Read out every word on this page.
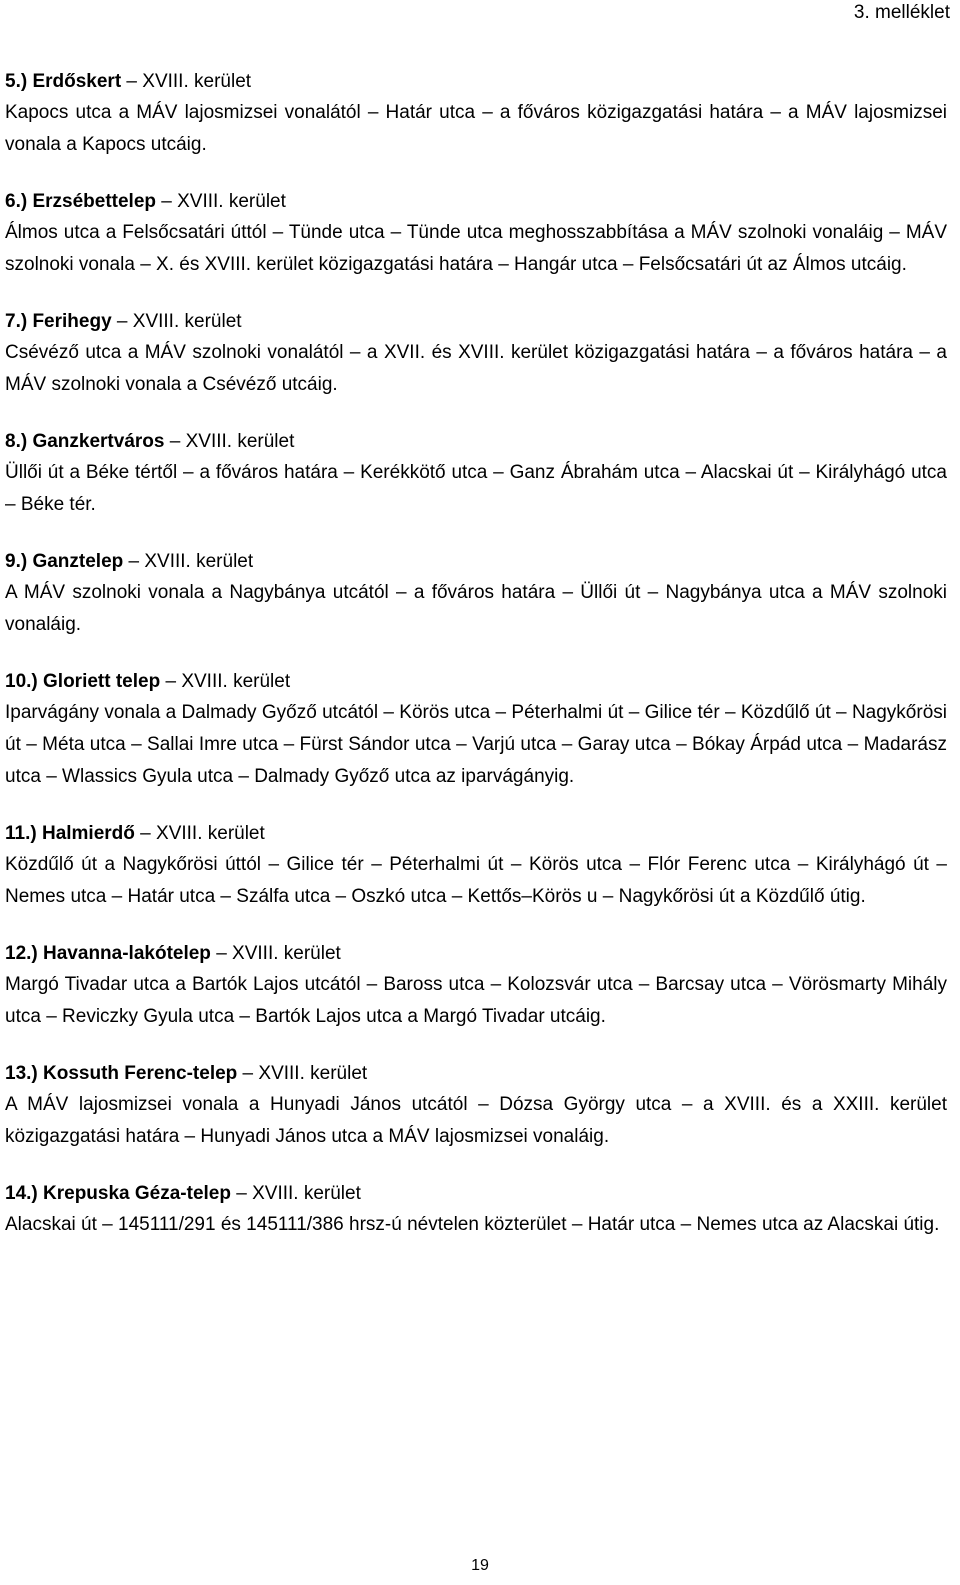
3. melléklet

5.) Erdőskert – XVIII. kerület

Kapocs utca a MÁV lajosmizsei vonalától – Határ utca – a főváros közigazgatási határa – a MÁV lajosmizsei vonala a Kapocs utcáig.

6.) Erzsébettelep – XVIII. kerület

Álmos utca a Felsőcsatári úttól – Tünde utca – Tünde utca meghosszabbítása a MÁV szolnoki vonaláig – MÁV szolnoki vonala – X. és XVIII. kerület közigazgatási határa – Hangár utca – Felsőcsatári út az Álmos utcáig.

7.) Ferihegy – XVIII. kerület

Csévéző utca a MÁV szolnoki vonalától – a XVII. és XVIII. kerület közigazgatási határa – a főváros határa – a MÁV szolnoki vonala a Csévéző utcáig.

8.) Ganzkertváros – XVIII. kerület

Üllői út a Béke tértől – a főváros határa – Kerékkötő utca – Ganz Ábrahám utca – Alacskai út – Királyhágó utca – Béke tér.

9.) Ganztelep – XVIII. kerület

A MÁV szolnoki vonala a Nagybánya utcától – a főváros határa – Üllői út – Nagybánya utca a MÁV szolnoki vonaláig.

10.) Gloriett telep – XVIII. kerület

Iparvágány vonala a Dalmady Győző utcától – Körös utca – Péterhalmi út – Gilice tér – Közdűlő út – Nagykőrösi út – Méta utca – Sallai Imre utca – Fürst Sándor utca – Varjú utca – Garay utca – Bókay Árpád utca – Madarász utca – Wlassics Gyula utca – Dalmady Győző utca az iparvágányig.

11.) Halmierdő – XVIII. kerület

Közdűlő út a Nagykőrösi úttól – Gilice tér – Péterhalmi út – Körös utca – Flór Ferenc utca – Királyhágó út – Nemes utca – Határ utca – Szálfa utca – Oszkó utca – Kettős–Körös u – Nagykőrösi út a Közdűlő útig.

12.) Havanna-lakótelep – XVIII. kerület

Margó Tivadar utca a Bartók Lajos utcától – Baross utca – Kolozsvár utca – Barcsay utca – Vörösmarty Mihály utca – Reviczky Gyula utca – Bartók Lajos utca a Margó Tivadar utcáig.

13.) Kossuth Ferenc-telep – XVIII. kerület

A MÁV lajosmizsei vonala a Hunyadi János utcától – Dózsa György utca – a XVIII. és a XXIII. kerület közigazgatási határa – Hunyadi János utca a MÁV lajosmizsei vonaláig.

14.) Krepuska Géza-telep – XVIII. kerület

Alacskai út – 145111/291 és 145111/386 hrsz-ú névtelen közterület – Határ utca – Nemes utca az Alacskai útig.

19
